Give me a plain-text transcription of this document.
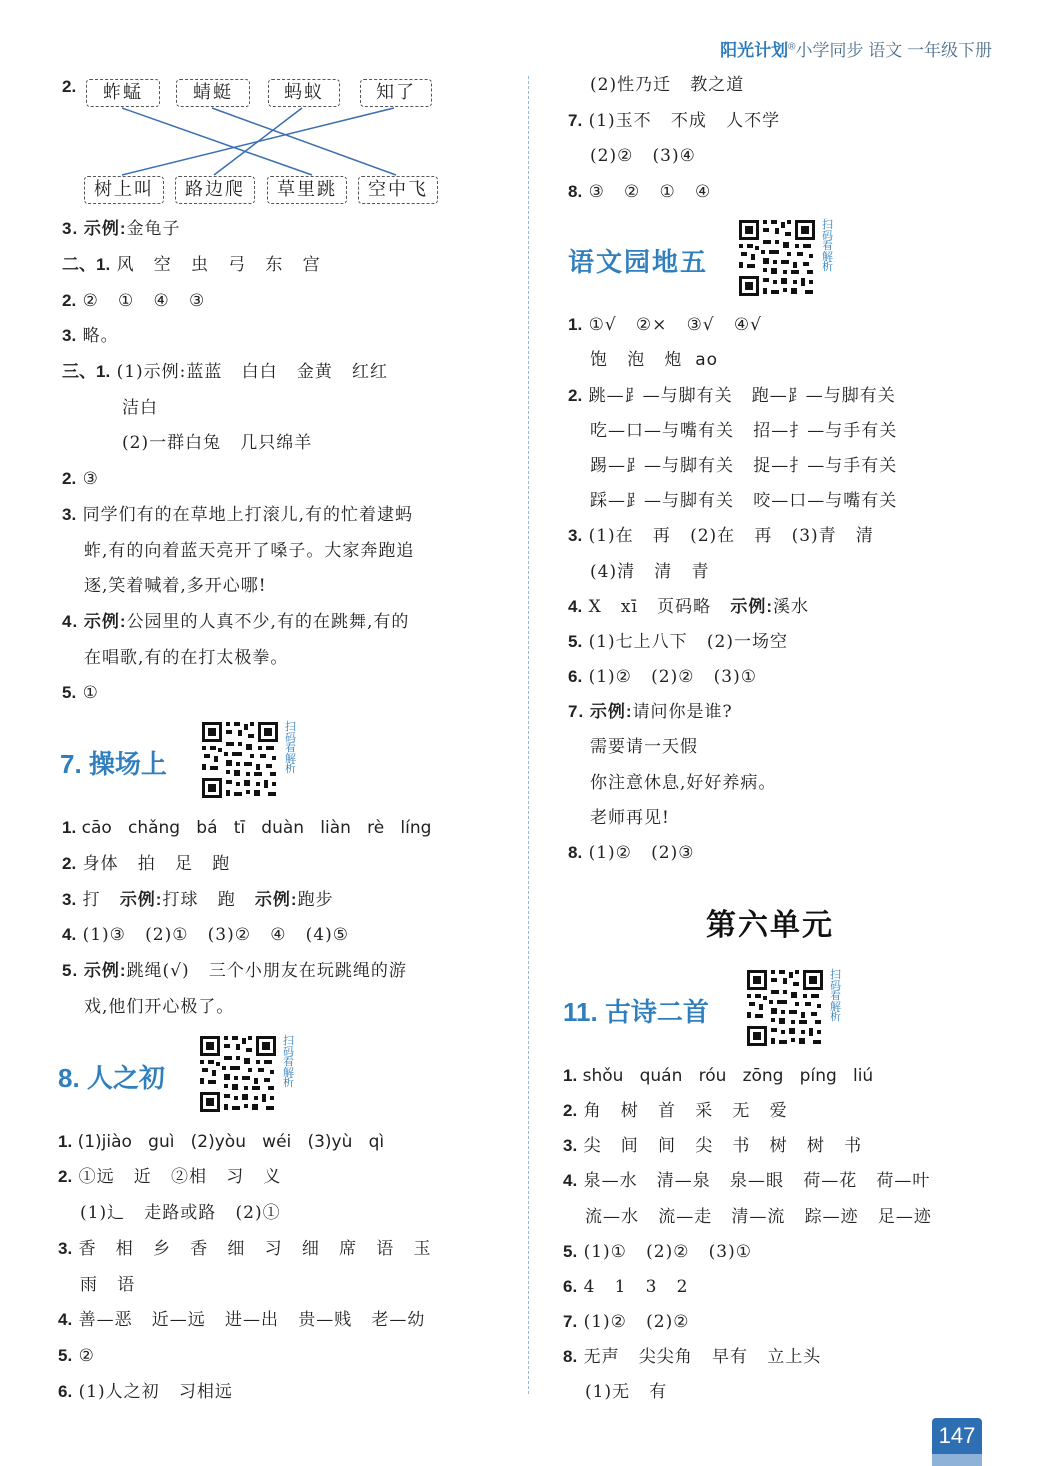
阳光计划®小学同步 语文 一年级下册
2.	蚱蜢	蜻蜓	蚂蚁	知了
树上叫	路边爬	草里跳	空中飞
3. 示例:金龟子
二、1. 风   空   虫   弓   东   宫
2. ②   ①   ④   ③
3. 略。
三、1. (1)示例:蓝蓝   白白   金黄   红红
洁白
(2)一群白兔   几只绵羊
2. ③
3. 同学们有的在草地上打滚儿,有的忙着逮蚂
蚱,有的向着蓝天亮开了嗓子。大家奔跑追
逐,笑着喊着,多开心哪!
4. 示例:公园里的人真不少,有的在跳舞,有的
在唱歌,有的在打太极拳。
5. ①
7. 操场上
扫码看解析
1. cāo   chǎng   bá   tī   duàn   liàn   rè   líng
2. 身体   拍   足   跑
3. 打   示例:打球   跑   示例:跑步
4. (1)③   (2)①   (3)②   ④   (4)⑤
5. 示例:跳绳(√)   三个小朋友在玩跳绳的游
戏,他们开心极了。
8. 人之初
扫码看解析
1. (1)jiào   guì   (2)yòu   wéi   (3)yù   qì
2. ①远   近   ②相   习   义
(1)辶   走路或路   (2)①
3. 香   相   乡   香   细   习   细   席   语   玉
雨   语
4. 善—恶   近—远   进—出   贵—贱   老—幼
5. ②
6. (1)人之初   习相远
(2)性乃迁   教之道
7. (1)玉不   不成   人不学
(2)②   (3)④
8. ③   ②   ①   ④
语文园地五
扫码看解析
1. ①√   ②×   ③√   ④√
饱   泡   炮  ao
2. 跳—⻊—与脚有关   跑—⻊—与脚有关
吃—口—与嘴有关   招—扌—与手有关
踢—⻊—与脚有关   捉—扌—与手有关
踩—⻊—与脚有关   咬—口—与嘴有关
3. (1)在   再   (2)在   再   (3)青   清
(4)清   清   青
4. X   xī   页码略   示例:溪水
5. (1)七上八下   (2)一场空
6. (1)②   (2)②   (3)①
7. 示例:请问你是谁?
需要请一天假
你注意休息,好好养病。
老师再见!
8. (1)②   (2)③
第六单元
11. 古诗二首
扫码看解析
1. shǒu   quán   róu   zōng   píng   liú
2. 角   树   首   采   无   爱
3. 尖   间   间   尖   书   树   树   书
4. 泉—水   清—泉   泉—眼   荷—花   荷—叶
流—水   流—走   清—流   踪—迹   足—迹
5. (1)①   (2)②   (3)①
6. 4   1   3   2
7. (1)②   (2)②
8. 无声   尖尖角   早有   立上头
(1)无   有
147
